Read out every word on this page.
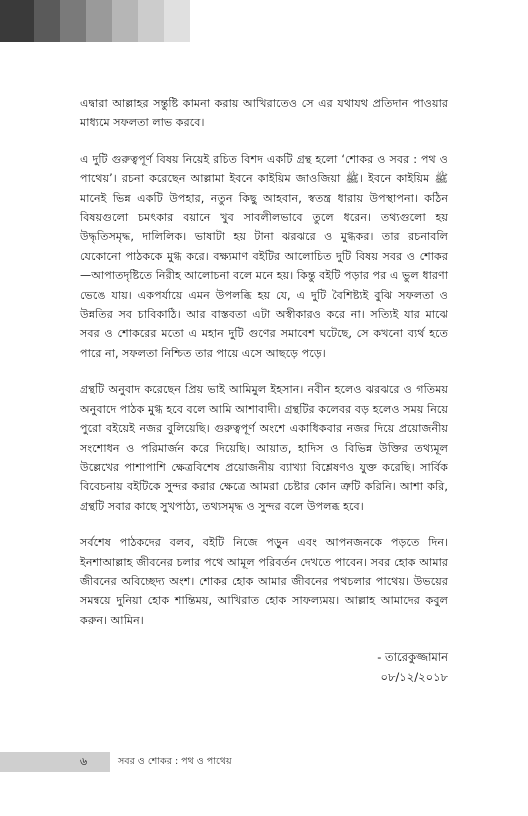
এদ্বারা আল্লাহর সন্তুষ্টি কামনা করায় আখিরাতেও সে এর যথাযথ প্রতিদান পাওয়ার মাধ্যমে সফলতা লাভ করবে।

এ দুটি গুরুত্বপূর্ণ বিষয় নিয়েই রচিত বিশদ একটি গ্রন্থ হলো ‘শোকর ও সবর : পথ ও পাথেয়’। রচনা করেছেন আল্লামা ইবনে কাইয়িম জাওজিয়া ﷺ। ইবনে কাইয়িম ﷺ মানেই ভিন্ন একটি উপহার, নতুন কিছু আহবান, স্বতন্ত্র ধারায় উপস্থাপনা। কঠিন বিষয়গুলো চমৎকার বয়ানে খুব সাবলীলভাবে তুলে ধরেন। তথ্যগুলো হয় উদ্ধৃতিসমৃদ্ধ, দালিলিক। ভাষাটা হয় টানা ঝরঝরে ও মুগ্ধকর। তার রচনাবলি যেকোনো পাঠককে মুগ্ধ করে। বক্ষ্যমাণ বইটির আলোচিত দুটি বিষয় সবর ও শোকর—আপাতদৃষ্টিতে নিরীহ আলোচনা বলে মনে হয়। কিন্তু বইটি পড়ার পর এ ভুল ধারণা ভেঙে যায়। একপর্যায়ে এমন উপলব্ধি হয় যে, এ দুটি বৈশিষ্ট্যই বুঝি সফলতা ও উন্নতির সব চাবিকাঠি। আর বাস্তবতা এটা অস্বীকারও করে না। সত্যিই যার মাঝে সবর ও শোকরের মতো এ মহান দুটি গুণের সমাবেশ ঘটেছে, সে কখনো ব্যর্থ হতে পারে না, সফলতা নিশ্চিত তার পায়ে এসে আছড়ে পড়ে।

গ্রন্থটি অনুবাদ করেছেন প্রিয় ভাই আমিমুল ইহসান। নবীন হলেও ঝরঝরে ও গতিময় অনুবাদে পাঠক মুগ্ধ হবে বলে আমি আশাবাদী। গ্রন্থটির কলেবর বড় হলেও সময় নিয়ে পুরো বইয়েই নজর বুলিয়েছি। গুরুত্বপূর্ণ অংশে একাধিকবার নজর দিয়ে প্রয়োজনীয় সংশোধন ও পরিমার্জন করে দিয়েছি। আয়াত, হাদিস ও বিভিন্ন উক্তির তথ্যমূল উল্লেখের পাশাপাশি ক্ষেত্রবিশেষ প্রয়োজনীয় ব্যাখ্যা বিশ্লেষণও যুক্ত করেছি। সার্বিক বিবেচনায় বইটিকে সুন্দর করার ক্ষেত্রে আমরা চেষ্টার কোন ত্রুটি করিনি। আশা করি, গ্রন্থটি সবার কাছে সুখপাঠ্য, তথ্যসমৃদ্ধ ও সুন্দর বলে উপলব্ধ হবে।

সর্বশেষ পাঠকদের বলব, বইটি নিজে পড়ুন এবং আপনজনকে পড়তে দিন। ইনশাআল্লাহ জীবনের চলার পথে আমূল পরিবর্তন দেখতে পাবেন। সবর হোক আমার জীবনের অবিচ্ছেদ্য অংশ। শোকর হোক আমার জীবনের পথচলার পাথেয়। উভয়ের সমন্বয়ে দুনিয়া হোক শান্তিময়, আখিরাত হোক সাফল্যময়। আল্লাহ আমাদের কবুল করুন। আমিন।

- তারেকুজ্জামান
০৮/১২/২০১৮
৬	সবর ও শোকর : পথ ও পাথেয়
